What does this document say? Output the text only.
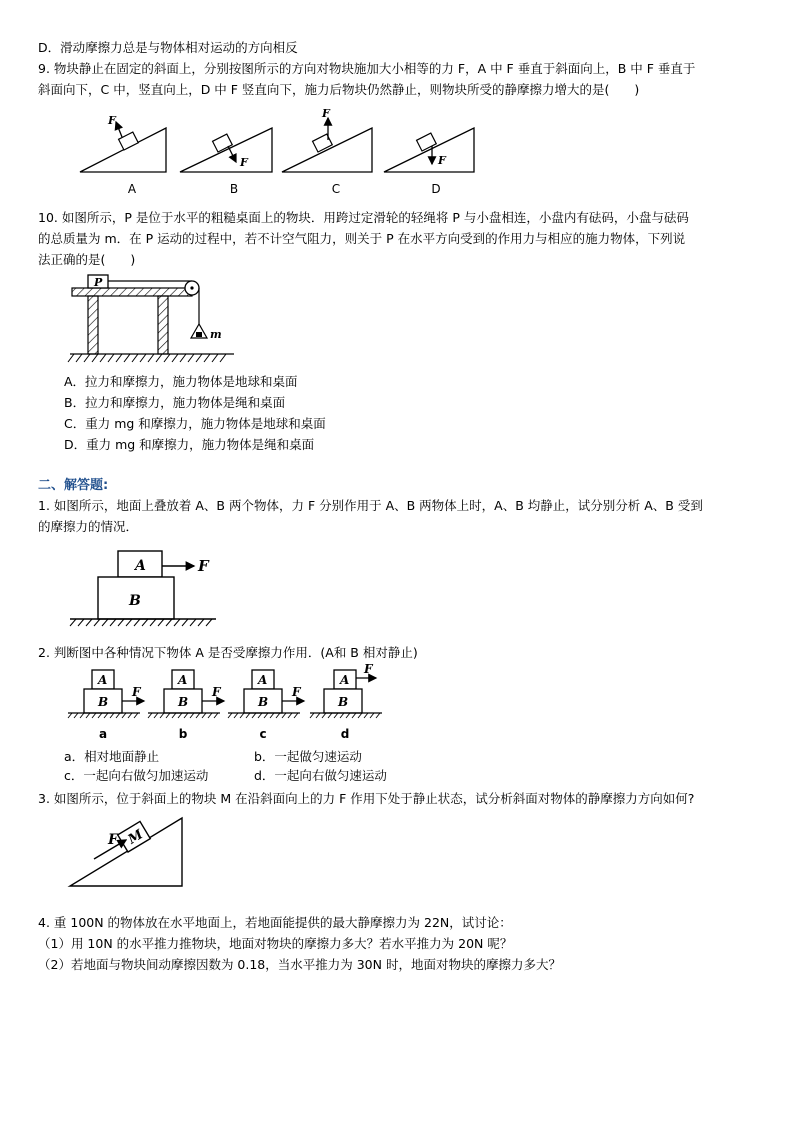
D．滑动摩擦力总是与物体相对运动的方向相反
9. 物块静止在固定的斜面上，分别按图所示的方向对物块施加大小相等的力 F，A 中 F 垂直于斜面向上，B 中 F 垂直于
斜面向下，C 中，竖直向上，D 中 F 竖直向下，施力后物块仍然静止，则物块所受的静摩擦力增大的是(　　)
F
A
F
B
F
C
F
D
10. 如图所示，P 是位于水平的粗糙桌面上的物块．用跨过定滑轮的轻绳将 P 与小盘相连，小盘内有砝码，小盘与砝码
的总质量为 m．在 P 运动的过程中，若不计空气阻力，则关于 P 在水平方向受到的作用力与相应的施力物体，下列说
法正确的是(　　)
P
m
A．拉力和摩擦力，施力物体是地球和桌面
B．拉力和摩擦力，施力物体是绳和桌面
C．重力 mg 和摩擦力，施力物体是地球和桌面
D．重力 mg 和摩擦力，施力物体是绳和桌面
二、解答题:
1. 如图所示，地面上叠放着 A、B 两个物体，力 F 分别作用于 A、B 两物体上时，A、B 均静止，试分别分析 A、B 受到
的摩擦力的情况．
A
B
F
2. 判断图中各种情况下物体 A 是否受摩擦力作用．(A和 B 相对静止)
A
B
F
a
A
B
F
b
A
B
F
c
A
F
B
d
a．相对地面静止	b．一起做匀速运动
c．一起向右做匀加速运动	d．一起向右做匀速运动
3. 如图所示，位于斜面上的物块 M 在沿斜面向上的力 F 作用下处于静止状态，试分析斜面对物体的静摩擦力方向如何?
M
F
4. 重 100N 的物体放在水平地面上，若地面能提供的最大静摩擦力为 22N，试讨论：
（1）用 10N 的水平推力推物块，地面对物块的摩擦力多大？若水平推力为 20N 呢？
（2）若地面与物块间动摩擦因数为 0.18，当水平推力为 30N 时，地面对物块的摩擦力多大？
